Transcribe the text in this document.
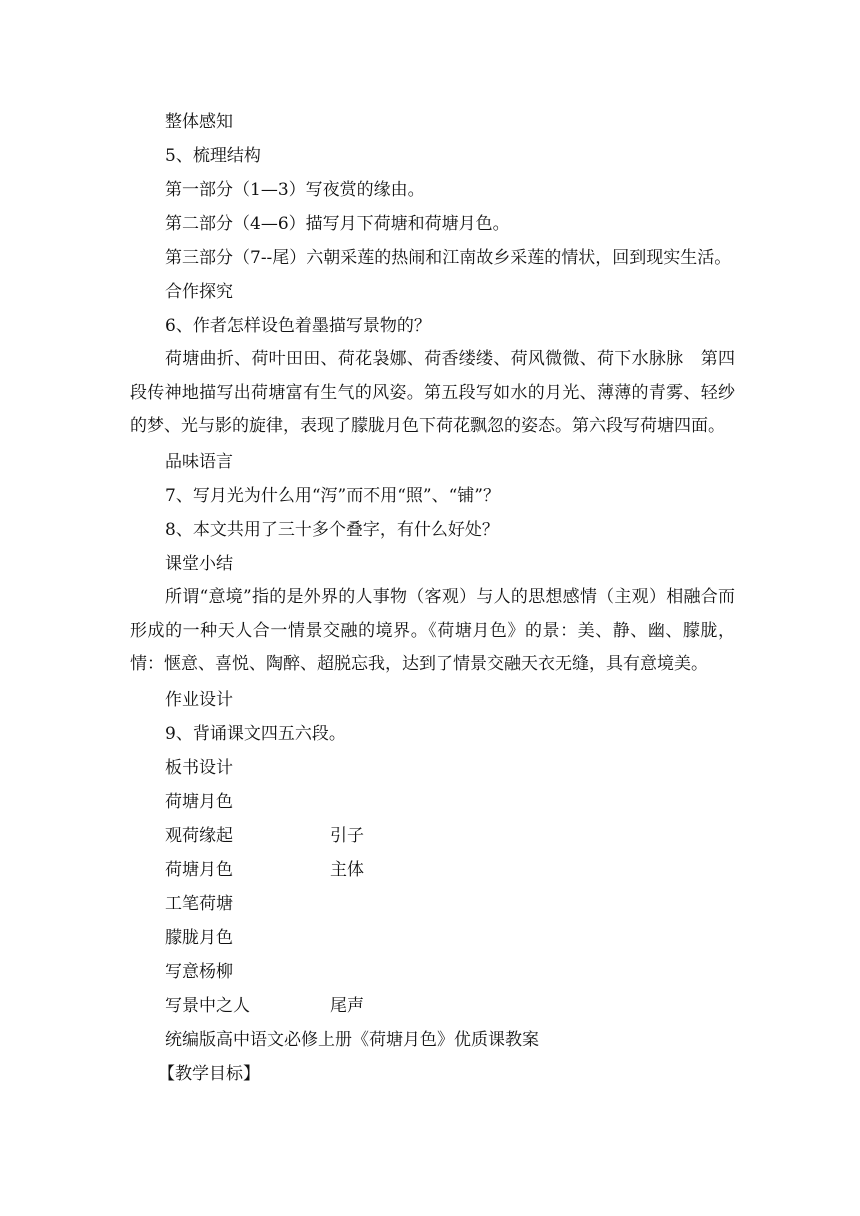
整体感知
5、梳理结构
第一部分（1—3）写夜赏的缘由。
第二部分（4—6）描写月下荷塘和荷塘月色。
第三部分（7--尾）六朝采莲的热闹和江南故乡采莲的情状，回到现实生活。
合作探究
6、作者怎样设色着墨描写景物的？
荷塘曲折、荷叶田田、荷花袅娜、荷香缕缕、荷风微微、荷下水脉脉　第四段传神地描写出荷塘富有生气的风姿。第五段写如水的月光、薄薄的青雾、轻纱的梦、光与影的旋律，表现了朦胧月色下荷花飘忽的姿态。第六段写荷塘四面。
品味语言
7、写月光为什么用“泻”而不用“照”、“铺”？
8、本文共用了三十多个叠字，有什么好处？
课堂小结
所谓“意境”指的是外界的人事物（客观）与人的思想感情（主观）相融合而形成的一种天人合一情景交融的境界。《荷塘月色》的景：美、静、幽、朦胧，情：惬意、喜悦、陶醉、超脱忘我，达到了情景交融天衣无缝，具有意境美。
作业设计
9、背诵课文四五六段。
板书设计
荷塘月色
观荷缘起	引子
荷塘月色	主体
工笔荷塘
朦胧月色
写意杨柳
写景中之人	尾声
统编版高中语文必修上册《荷塘月色》优质课教案
【教学目标】
